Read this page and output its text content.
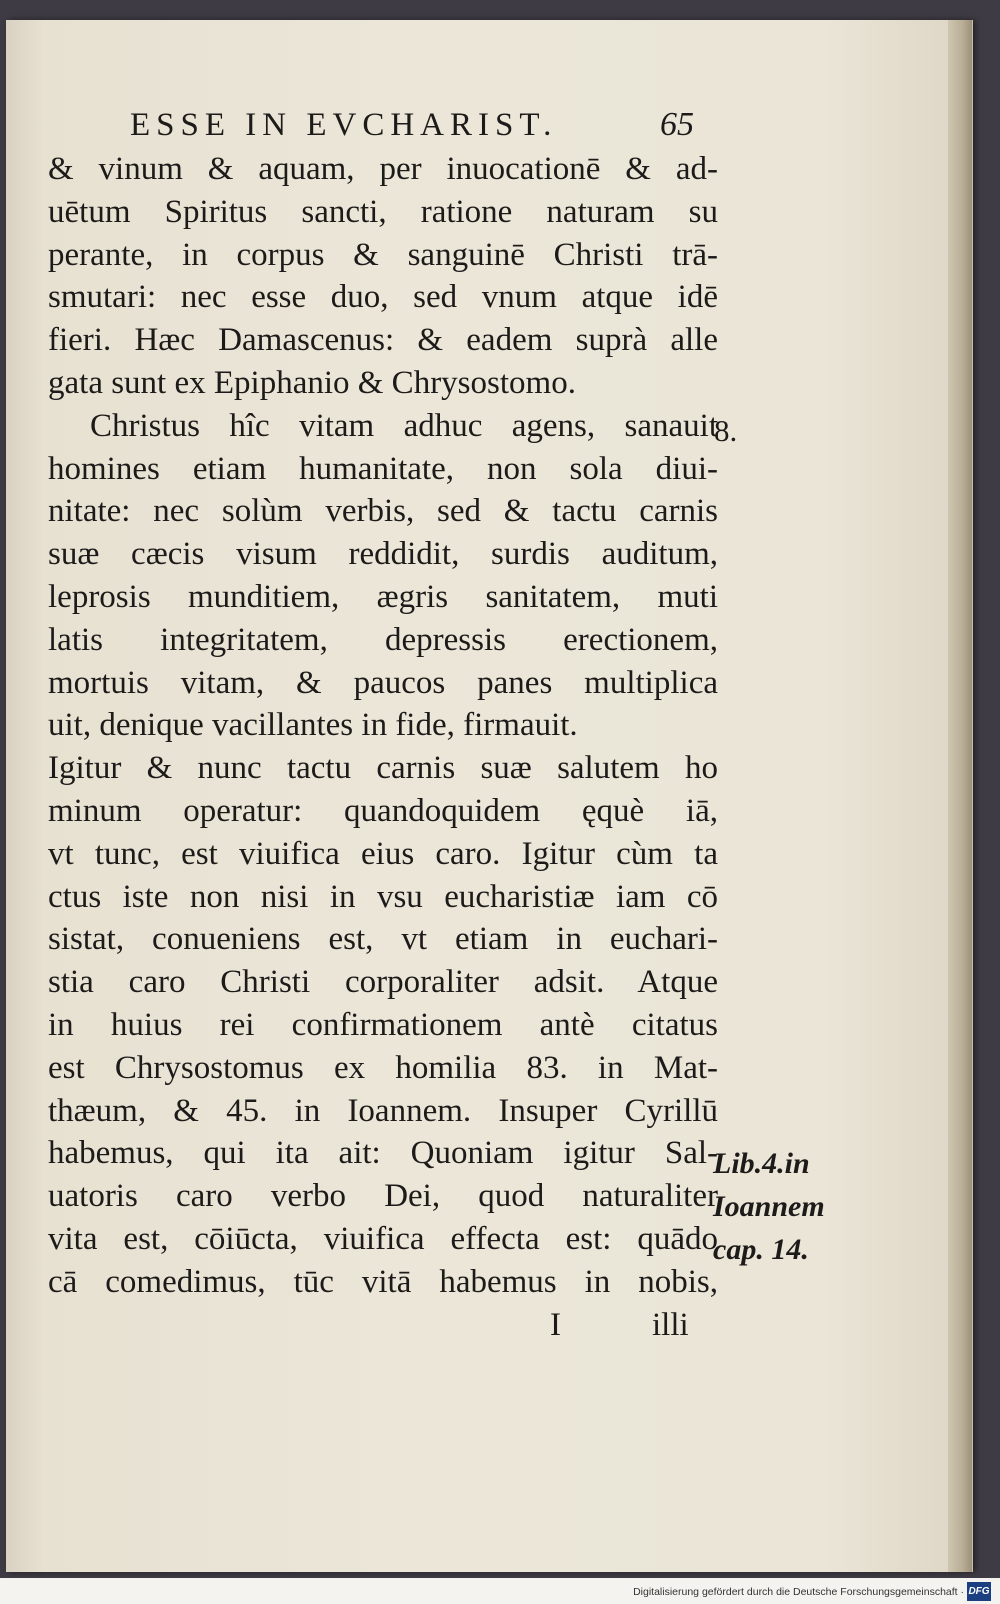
ESSE IN EVCHARIST.	65
& vinum & aquam, per inuocationē & ad-
uētum Spiritus sancti, ratione naturam su
perante, in corpus & sanguinē Christi trā-
smutari: nec esse duo, sed vnum atque idē
fieri. Hæc Damascenus: & eadem suprà alle
gata sunt ex Epiphanio & Chrysostomo.
Christus hîc vitam adhuc agens, sanauit
homines etiam humanitate, non sola diui-
nitate: nec solùm verbis, sed & tactu carnis
suæ cæcis visum reddidit, surdis auditum,
leprosis munditiem, ægris sanitatem, muti
latis integritatem, depressis erectionem,
mortuis vitam, & paucos panes multiplica
uit, denique vacillantes in fide, firmauit.
Igitur & nunc tactu carnis suæ salutem ho
minum operatur: quandoquidem ęquè iā,
vt tunc, est viuifica eius caro. Igitur cùm ta
ctus iste non nisi in vsu eucharistiæ iam cō
sistat, conueniens est, vt etiam in euchari-
stia caro Christi corporaliter adsit. Atque
in huius rei confirmationem antè citatus
est Chrysostomus ex homilia 83. in Mat-
thæum, & 45. in Ioannem. Insuper Cyrillū
habemus, qui ita ait: Quoniam igitur Sal-
uatoris caro verbo Dei, quod naturaliter
vita est, cōiūcta, viuifica effecta est: quādo
cā comedimus, tūc vitā habemus in nobis,
I	illi
8.
Lib.4.in
Ioannem
cap. 14.
Digitalisierung gefördert durch die Deutsche Forschungsgemeinschaft · DFG
